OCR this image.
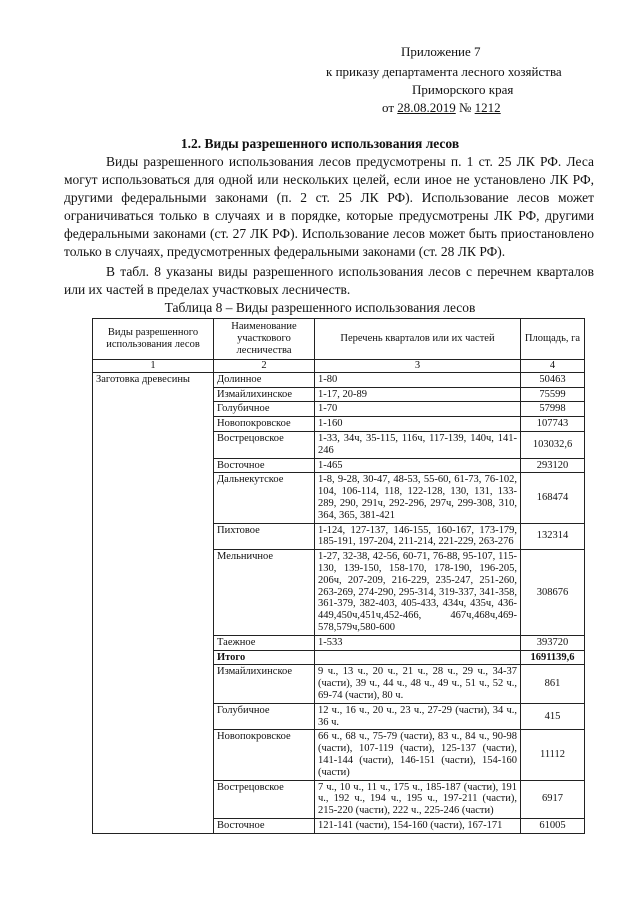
Приложение 7
к приказу департамента лесного хозяйства
Приморского края
от 28.08.2019 № 1212
1.2. Виды разрешенного использования лесов
Виды разрешенного использования лесов предусмотрены п. 1 ст. 25 ЛК РФ. Леса могут использоваться для одной или нескольких целей, если иное не установлено ЛК РФ, другими федеральными законами (п. 2 ст. 25 ЛК РФ). Использование лесов может ограничиваться только в случаях и в порядке, которые предусмотрены ЛК РФ, другими федеральными законами (ст. 27 ЛК РФ). Использование лесов может быть приостановлено только в случаях, предусмотренных федеральными законами (ст. 28 ЛК РФ).
В табл. 8 указаны виды разрешенного использования лесов с перечнем кварталов или их частей в пределах участковых лесничеств.
Таблица 8 – Виды разрешенного использования лесов
Виды разрешенного использования лесов	Наименование участкового лесничества	Перечень кварталов или их частей	Площадь, га
1	2	3	4
Заготовка древесины	Долинное	1-80	50463
	Измайлихинское	1-17, 20-89	75599
	Голубичное	1-70	57998
	Новопокровское	1-160	107743
	Вострецовское	1-33, 34ч, 35-115, 116ч, 117-139, 140ч, 141-246	103032,6
	Восточное	1-465	293120
	Дальнекутское	1-8, 9-28, 30-47, 48-53, 55-60, 61-73, 76-102, 104, 106-114, 118, 122-128, 130, 131, 133-289, 290, 291ч, 292-296, 297ч, 299-308, 310, 364, 365, 381-421	168474
	Пихтовое	1-124, 127-137, 146-155, 160-167, 173-179, 185-191, 197-204, 211-214, 221-229, 263-276	132314
	Мельничное	1-27, 32-38, 42-56, 60-71, 76-88, 95-107, 115-130, 139-150, 158-170, 178-190, 196-205, 206ч, 207-209, 216-229, 235-247, 251-260, 263-269, 274-290, 295-314, 319-337, 341-358, 361-379, 382-403, 405-433, 434ч, 435ч, 436-449,450ч,451ч,452-466, 467ч,468ч,469-578,579ч,580-600	308676
	Таежное	1-533	393720
	Итого		1691139,6
	Измайлихинское	9 ч., 13 ч., 20 ч., 21 ч., 28 ч., 29 ч., 34-37 (части), 39 ч., 44 ч., 48 ч., 49 ч., 51 ч., 52 ч., 69-74 (части), 80 ч.	861
	Голубичное	12 ч., 16 ч., 20 ч., 23 ч., 27-29 (части), 34 ч., 36 ч.	415
	Новопокровское	66 ч., 68 ч., 75-79 (части), 83 ч., 84 ч., 90-98 (части), 107-119 (части), 125-137 (части), 141-144 (части), 146-151 (части), 154-160 (части)	11112
	Вострецовское	7 ч., 10 ч., 11 ч., 175 ч., 185-187 (части), 191 ч., 192 ч., 194 ч., 195 ч., 197-211 (части), 215-220 (части), 222 ч., 225-246 (части)	6917
	Восточное	121-141 (части), 154-160 (части), 167-171	61005
